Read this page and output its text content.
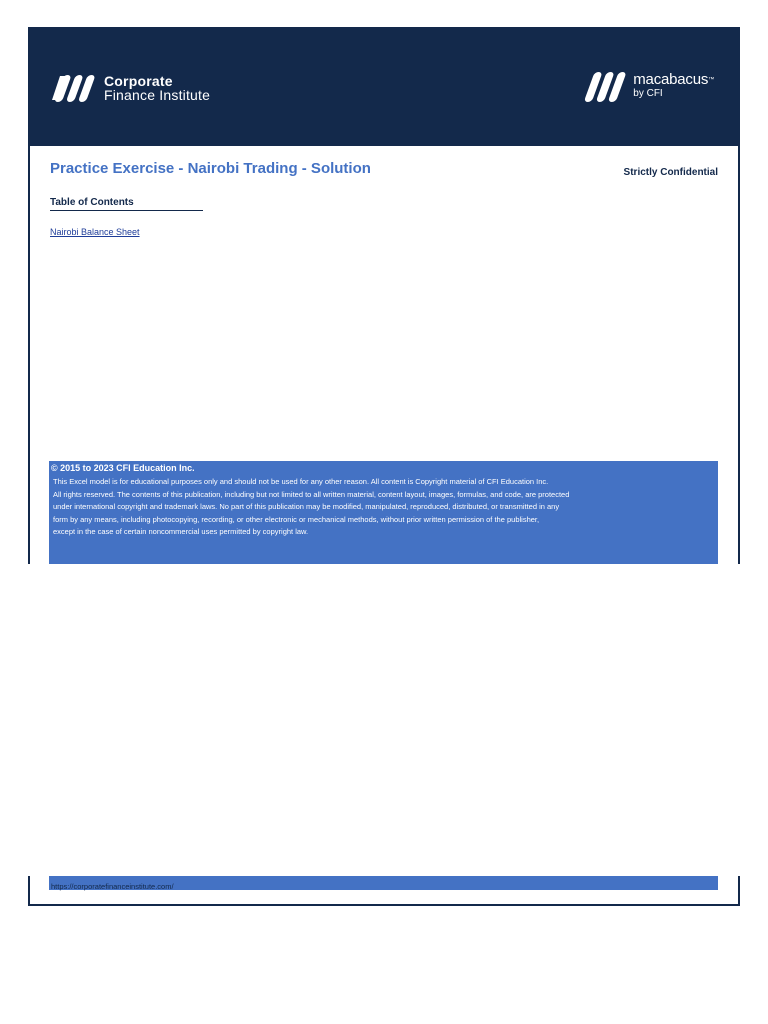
Corporate
Finance Institute
macabacus™
by CFI
Practice Exercise - Nairobi Trading - Solution	Strictly Confidential
Table of Contents
Nairobi Balance Sheet
© 2015 to 2023 CFI Education Inc.
This Excel model is for educational purposes only and should not be used for any other reason. All content is Copyright material of CFI Education Inc.
All rights reserved. The contents of this publication, including but not limited to all written material, content layout, images, formulas, and code, are protected
under international copyright and trademark laws. No part of this publication may be modified, manipulated, reproduced, distributed, or transmitted in any
form by any means, including photocopying, recording, or other electronic or mechanical methods, without prior written permission of the publisher,
except in the case of certain noncommercial uses permitted by copyright law.
https://corporatefinanceinstitute.com/
